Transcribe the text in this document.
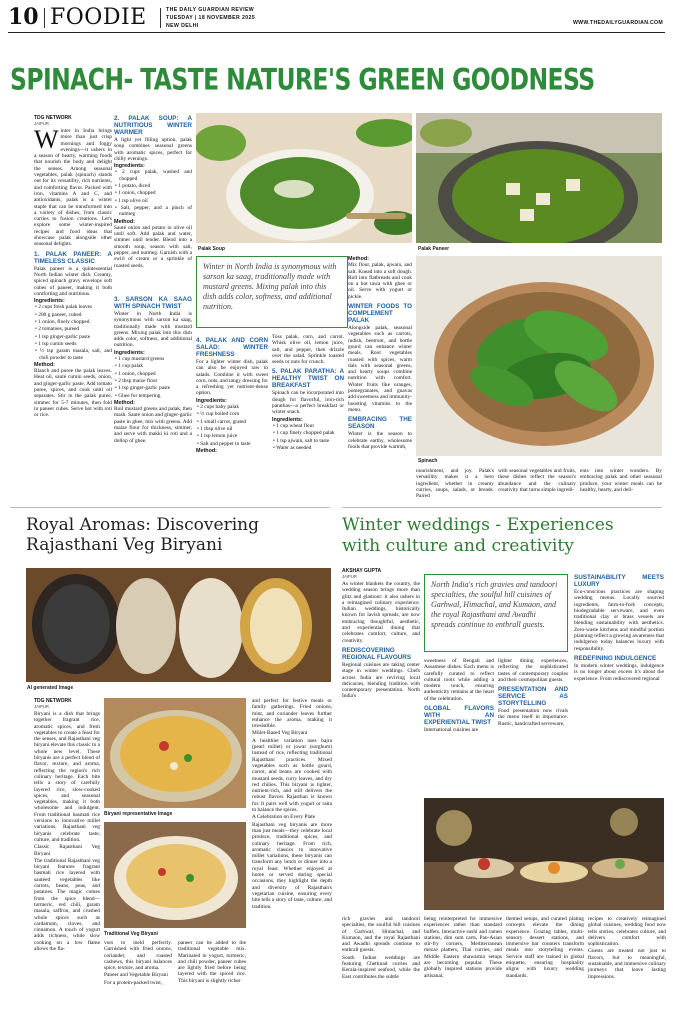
10 FOODIE	THE DAILY GUARDIAN REVIEW
TUESDAY | 18 NOVEMBER 2025
NEW DELHI	WWW.THEDAILYGUARDIAN.COM
SPINACH- TASTE NATURE'S GREEN GOODNESS
TDG NETWORK
JAIPUR

Winter in India brings more than just crisp mornings and foggy evenings—it ushers in a season of hearty, warming foods that nourish the body and delight the senses. Among seasonal vegetables, palak (spinach) stands out for its versatility, rich nutrients, and comforting flavor. Packed with iron, vitamins A and C, and antioxidants, palak is a winter staple that can be transformed into a variety of dishes, from classic curries to fusion creations. Let's explore some winter-inspired recipes and food ideas that showcase palak alongside other seasonal delights.

1. PALAK PANEER: A TIMELESS CLASSIC

Palak paneer is a quintessential North Indian winter dish. Creamy, spiced spinach gravy envelops soft cubes of paneer, making it both comforting and nutritious.

Ingredients:

• 2 cups fresh palak leaves

• 200 g paneer, cubed

• 1 onion, finely chopped

• 2 tomatoes, pureed

• 1 tsp ginger-garlic paste

• 1 tsp cumin seeds

• ½ tsp garam masala, salt, and chili powder to taste

Method:

Blanch and puree the palak leaves. Heat oil, sauté cumin seeds, onion, and ginger-garlic paste. Add tomato puree, spices, and cook until oil separates. Stir in the palak puree, simmer for 5-7 minutes, then fold in paneer cubes. Serve hot with roti or rice.

2. PALAK SOUP: A NUTRITIOUS WINTER WARMER

A light yet filling option, palak soup combines seasonal greens with aromatic spices, perfect for chilly evenings.

Ingredients:

• 2 cups palak, washed and chopped

• 1 potato, diced

• 1 onion, chopped

• 1 tsp olive oil

• Salt, pepper, and a pinch of nutmeg

Method:

Sauté onion and potato in olive oil until soft. Add palak and water, simmer until tender. Blend into a smooth soup, season with salt, pepper, and nutmeg. Garnish with a swirl of cream or a sprinkle of roasted seeds.

Palak Soup	Palak Paneer
Winter in North India is synonymous with sarson ka saag, traditionally made with mustard greens. Mixing palak into this dish adds color, softness, and additional nutrition.
3. SARSON KA SAAG WITH SPINACH TWIST

Winter in North India is synonymous with sarson ka saag, traditionally made with mustard greens. Mixing palak into this dish adds color, softness, and additional nutrition.

Ingredients:

• 1 cup mustard greens

• 1 cup palak

• 1 onion, chopped

• 2 tbsp maize flour

• 1 tsp ginger-garlic paste

• Ghee for tempering

Method:

Boil mustard greens and palak, then mash. Sauté onion and ginger-garlic paste in ghee, mix with greens. Add maize flour for thickness, simmer, and serve with makki ki roti and a dollop of ghee.

4. PALAK AND CORN SALAD: WINTER FRESHNESS

For a lighter winter dish, palak can also be enjoyed raw in salads. Combine it with sweet corn, nuts, and tangy dressing for a refreshing yet nutrient-dense option.

Ingredients:

• 2 cups baby palak

• ½ cup boiled corn

• 1 small carrot, grated

• 1 tbsp olive oil

• 1 tsp lemon juice

• Salt and pepper to taste

Method:

Toss palak, corn, and carrot. Whisk olive oil, lemon juice, salt, and pepper, then drizzle over the salad. Sprinkle toasted seeds or nuts for crunch.

5. PALAK PARATHA: A HEALTHY TWIST ON BREAKFAST

Spinach can be incorporated into dough for flavorful, iron-rich parathas—a perfect breakfast or winter snack.

Ingredients:

• 1 cup wheat flour

• 1 cup finely chopped palak

• 1 tsp ajwain, salt to taste

• Water as needed

Method:

Mix flour, palak, ajwain, and salt. Knead into a soft dough. Roll into flatbreads and cook on a hot tawa with ghee or oil. Serve with yogurt or pickle.

WINTER FOODS TO COMPLEMENT PALAK

Alongside palak, seasonal vegetables such as carrots, radish, beetroot, and bottle gourd can enhance winter meals. Root vegetables roasted with spices, warm dals with seasonal greens, and hearty soups combine nutrition with comfort. Winter fruits like oranges, pomegranates, and guavas add sweetness and immunity-boosting vitamins to the menu.

EMBRACING THE SEASON

Winter is the season to celebrate earthy, wholesome foods that provide warmth,

Spinach
nourishment, and joy. Palak's versatility makes it a hero ingredient, whether in creamy curries, soups, salads, or breads. Paired
with seasonal vegetables and fruits, these dishes reflect the season's abundance and the culinary creativity that turns simple ingredi-
ents into winter wonders. By embracing palak and other seasonal produce, your winter meals can be healthy, hearty, and deli-
Royal Aromas: Discovering
Rajasthani Veg Biryani
AI generated Image
TDG NETWORK
JAIPUR

Biryani is a dish that brings together fragrant rice, aromatic spices, and fresh vegetables to create a feast for the senses, and Rajasthani veg biryani elevate this classic to a whole new level. These biryanis are a perfect blend of flavor, texture, and aroma, reflecting the region's rich culinary heritage. Each bite tells a story of carefully layered rice, slow-cooked spices, and seasonal vegetables, making it both wholesome and indulgent. From traditional basmati rice versions to innovative millet variations, Rajasthani veg biryanis celebrate taste, culture, and tradition.

Classic Rajasthani Veg Biryani

The traditional Rajasthani veg biryani features fragrant basmati rice layered with sautéed vegetables like carrots, beans, peas, and potatoes. The magic comes from the spice blend—turmeric, red chili, garam masala, saffron, and crushed whole spices such as cardamom, cloves, and cinnamon. A touch of yogurt adds richness, while slow cooking on a low flame allows the fla-

Biryani representative Image
Traditional Veg Biryani

vors to meld perfectly. Garnished with fried onions, coriander, and roasted cashews, this biryani balances spice, texture, and aroma.

Paneer and Vegetable Biryani

For a protein-packed twist,

paneer can be added to the traditional vegetable mix. Marinated in yogurt, turmeric, and chili powder, paneer cubes are lightly fried before being layered with the spiced rice. This biryani is slightly richer

and perfect for festive meals or family gatherings. Fried onions, mint, and coriander leaves further enhance the aroma, making it irresistible.

Millet-Based Veg Biryani

A healthier variation uses bajra (pearl millet) or jowar (sorghum) instead of rice, reflecting traditional Rajasthani practices. Mixed vegetables such as bottle gourd, carrot, and beans are cooked with mustard seeds, curry leaves, and dry red chilies. This biryani is lighter, nutrient-rich, and still delivers the robust flavors Rajasthan is known for. It pairs well with yogurt or raita to balance the spices.

A Celebration on Every Plate

Rajasthani veg biryanis are more than just meals—they celebrate local produce, traditional spices, and culinary heritage. From rich, aromatic classics to innovative millet variations, these biryanis can transform any lunch or dinner into a royal feast. Whether enjoyed at home or served during special occasions, they highlight the depth and diversity of Rajasthan's vegetarian cuisine, ensuring every bite tells a story of taste, culture, and tradition.

Winter weddings - Experiences
with culture and creativity
AKSHAY GUPTA
JAIPUR

As winter blankets the country, the wedding season brings more than glitz and glamour: it also ushers in a reimagined culinary experience. Indian weddings, historically known for lavish spreads, are now embracing thoughtful, aesthetic, and experiential dining that celebrates comfort, culture, and creativity.

REDISCOVERING REGIONAL FLAVOURS

Regional cuisines are taking center stage in winter weddings. Chefs across India are reviving local delicacies, blending tradition with contemporary presentation. North India's

North India's rich gravies and tandoori specialties, the soulful hill cuisines of Garhwal, Himachal, and Kumaon, and the royal Rajasthani and Awadhi spreads continue to enthrall guests.

sweetness of Bengali and Assamese dishes. Each menu is carefully curated to reflect cultural roots while adding a modern touch, ensuring authenticity remains at the heart of the celebration.

GLOBAL FLAVORS WITH AN EXPERIENTIAL TWIST

International cuisines are

lighter dining experiences, reflecting the sophisticated tastes of contemporary couples and their cosmopolitan guests.

PRESENTATION AND SERVICE AS STORYTELLING

Food presentation now rivals the menu itself in importance. Rustic, handcrafted serveware,

SUSTAINABILITY MEETS LUXURY

Eco-conscious practices are shaping wedding menus. Locally sourced ingredients, farm-to-fork concepts, biodegradable serveware, and even traditional clay or brass vessels are blending sustainability with aesthetics. Zero-waste kitchens and mindful portion planning reflect a growing awareness that indulgence today balances luxury with responsibility.

REDEFINING INDULGENCE

In modern winter weddings, indulgence is no longer about excess it's about the experience. From rediscovered regional

rich gravies and tandoori specialties, the soulful hill cuisines of Garhwal, Himachal, and Kumaon, and the royal Rajasthani and Awadhi spreads continue to enthrall guests.

South Indian weddings are featuring Chettinad curries and Kerala-inspired seafood, while the East contributes the subtle

being reinterpreted for immersive experiences rather than standard buffets. Interactive sushi and ramen stations, dim sum carts, Pan-Asian stir-fry corners, Mediterranean mezze platters, Thai curries, and Middle Eastern shawarma setups are becoming popular. These globally inspired stations provide artisanal,
themed setups, and curated plating concepts elevate the dining experience. Grazing tables, multi-sensory dessert stations, and immersive bar counters transform meals into storytelling events. Service staff are trained in global etiquette, ensuring hospitality aligns with luxury wedding standards.

recipes to creatively reimagined global cuisines, wedding food now tells stories, celebrates culture, and delivers comfort with sophistication.

Guests are treated not just to flavors, but to meaningful, sustainable, and immersive culinary journeys that leave lasting impressions.
